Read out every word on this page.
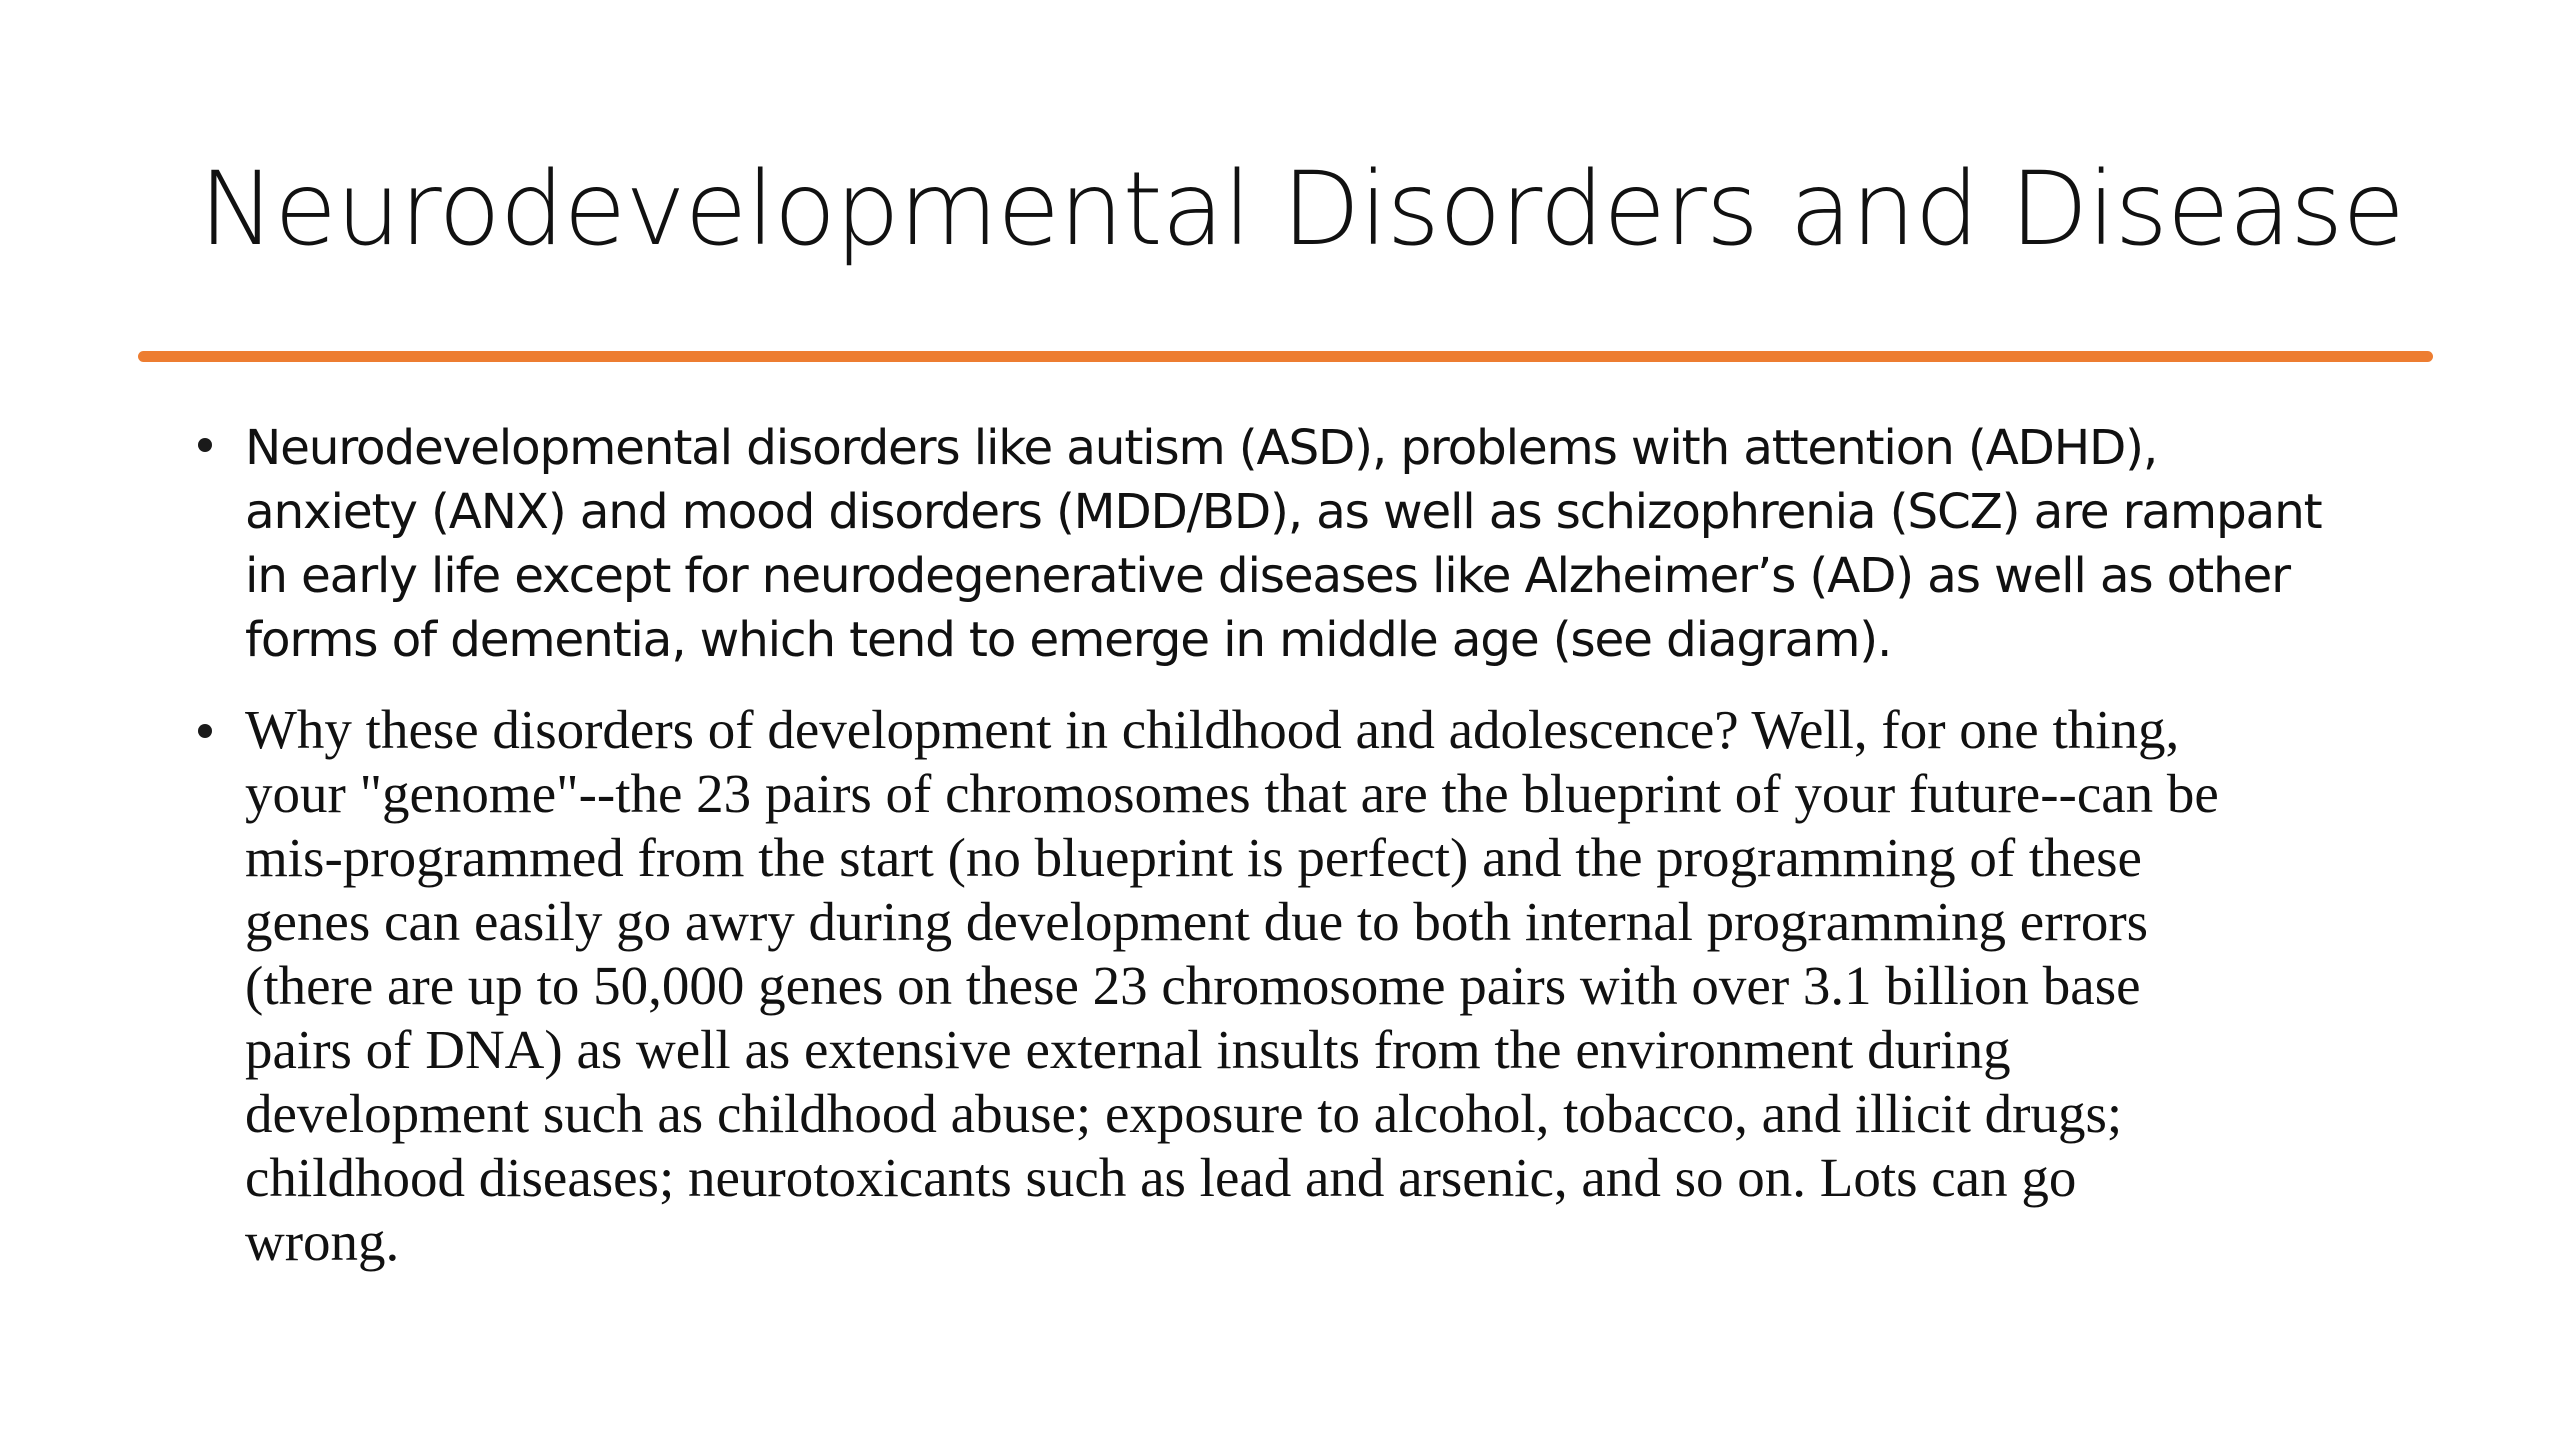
Neurodevelopmental Disorders and Disease

Neurodevelopmental disorders like autism (ASD), problems with attention (ADHD),
anxiety (ANX) and mood disorders (MDD/BD), as well as schizophrenia (SCZ) are rampant
in early life except for neurodegenerative diseases like Alzheimer’s (AD) as well as other
forms of dementia, which tend to emerge in middle age (see diagram).

Why these disorders of development in childhood and adolescence? Well, for one thing,
your "genome"--the 23 pairs of chromosomes that are the blueprint of your future--can be
mis-programmed from the start (no blueprint is perfect) and the programming of these
genes can easily go awry during development due to both internal programming errors
(there are up to 50,000 genes on these 23 chromosome pairs with over 3.1 billion base
pairs of DNA) as well as extensive external insults from the environment during
development such as childhood abuse; exposure to alcohol, tobacco, and illicit drugs;
childhood diseases; neurotoxicants such as lead and arsenic, and so on. Lots can go
wrong.
